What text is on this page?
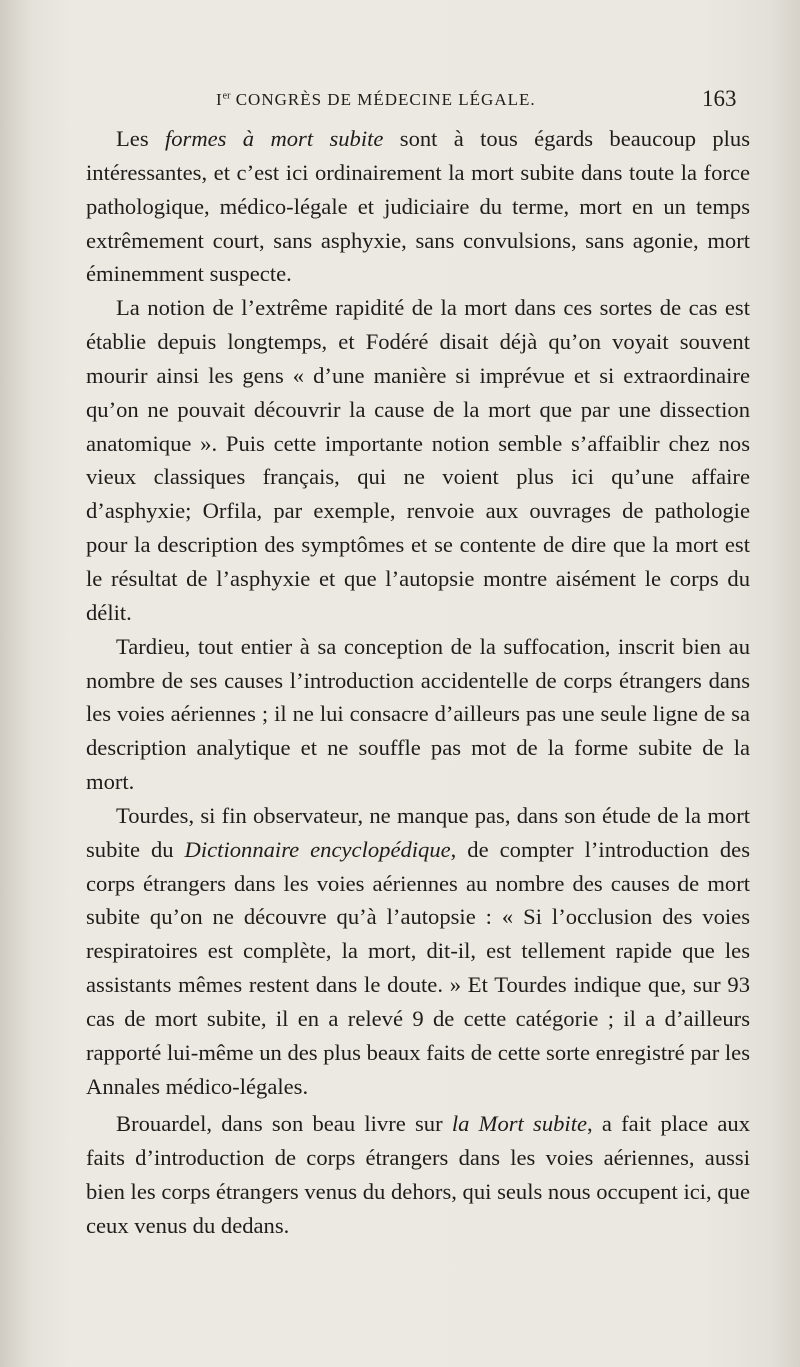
Ier CONGRÈS DE MÉDECINE LÉGALE.	163

Les formes à mort subite sont à tous égards beaucoup plus intéressantes, et c’est ici ordinairement la mort subite dans toute la force pathologique, médico-légale et judiciaire du terme, mort en un temps extrêmement court, sans asphyxie, sans convulsions, sans agonie, mort éminemment suspecte.

La notion de l’extrême rapidité de la mort dans ces sortes de cas est établie depuis longtemps, et Fodéré disait déjà qu’on voyait souvent mourir ainsi les gens « d’une manière si imprévue et si extraordinaire qu’on ne pouvait découvrir la cause de la mort que par une dissection anatomique ». Puis cette importante notion semble s’affaiblir chez nos vieux classiques français, qui ne voient plus ici qu’une affaire d’asphyxie; Orfila, par exemple, renvoie aux ouvrages de pathologie pour la description des symptômes et se contente de dire que la mort est le résultat de l’asphyxie et que l’autopsie montre aisément le corps du délit.

Tardieu, tout entier à sa conception de la suffocation, inscrit bien au nombre de ses causes l’introduction accidentelle de corps étrangers dans les voies aériennes ; il ne lui consacre d’ailleurs pas une seule ligne de sa description analytique et ne souffle pas mot de la forme subite de la mort.

Tourdes, si fin observateur, ne manque pas, dans son étude de la mort subite du Dictionnaire encyclopédique, de compter l’introduction des corps étrangers dans les voies aériennes au nombre des causes de mort subite qu’on ne découvre qu’à l’autopsie : « Si l’occlusion des voies respiratoires est complète, la mort, dit-il, est tellement rapide que les assistants mêmes restent dans le doute. » Et Tourdes indique que, sur 93 cas de mort subite, il en a relevé 9 de cette catégorie ; il a d’ailleurs rapporté lui-même un des plus beaux faits de cette sorte enregistré par les Annales médico-légales.

Brouardel, dans son beau livre sur la Mort subite, a fait place aux faits d’introduction de corps étrangers dans les voies aériennes, aussi bien les corps étrangers venus du dehors, qui seuls nous occupent ici, que ceux venus du dedans.
